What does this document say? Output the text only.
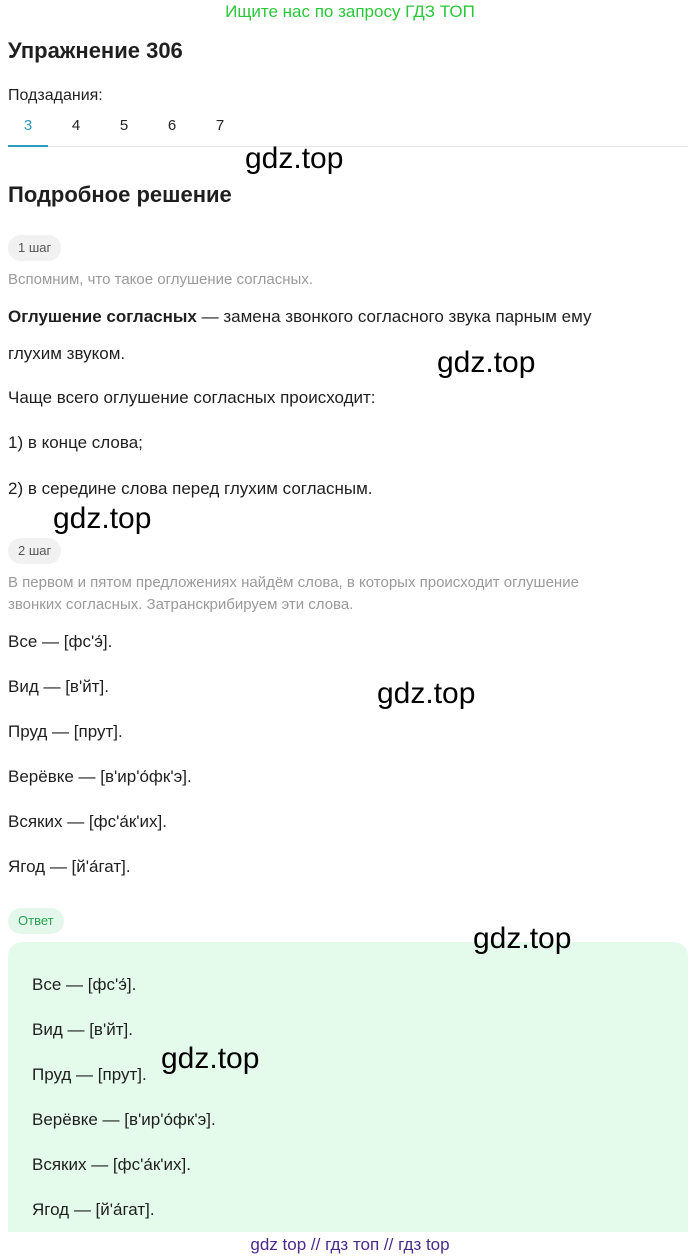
Ищите нас по запросу ГДЗ ТОП
Упражнение 306
Подзадания:
3	4	5	6	7
Подробное решение
1 шаг
Вспомним, что такое оглушение согласных.
Оглушение согласных — замена звонкого согласного звука парным ему
глухим звуком.
Чаще всего оглушение согласных происходит:
1) в конце слова;
2) в середине слова перед глухим согласным.
2 шаг
В первом и пятом предложениях найдём слова, в которых происходит оглушение
звонких согласных. Затранскрибируем эти слова.
Все — [фс'э́].
Вид — [в'йт].
Пруд — [прут].
Верёвке — [в'ир'о́фк'э].
Всяких — [фс'а́к'их].
Ягод — [й'а́гат].
Ответ
Все — [фс'э́].
Вид — [в'йт].
Пруд — [прут].
Верёвке — [в'ир'о́фк'э].
Всяких — [фс'а́к'их].
Ягод — [й'а́гат].
gdz.top
gdz.top
gdz.top
gdz.top
gdz.top
gdz.top
gdz top // гдз топ // гдз top
